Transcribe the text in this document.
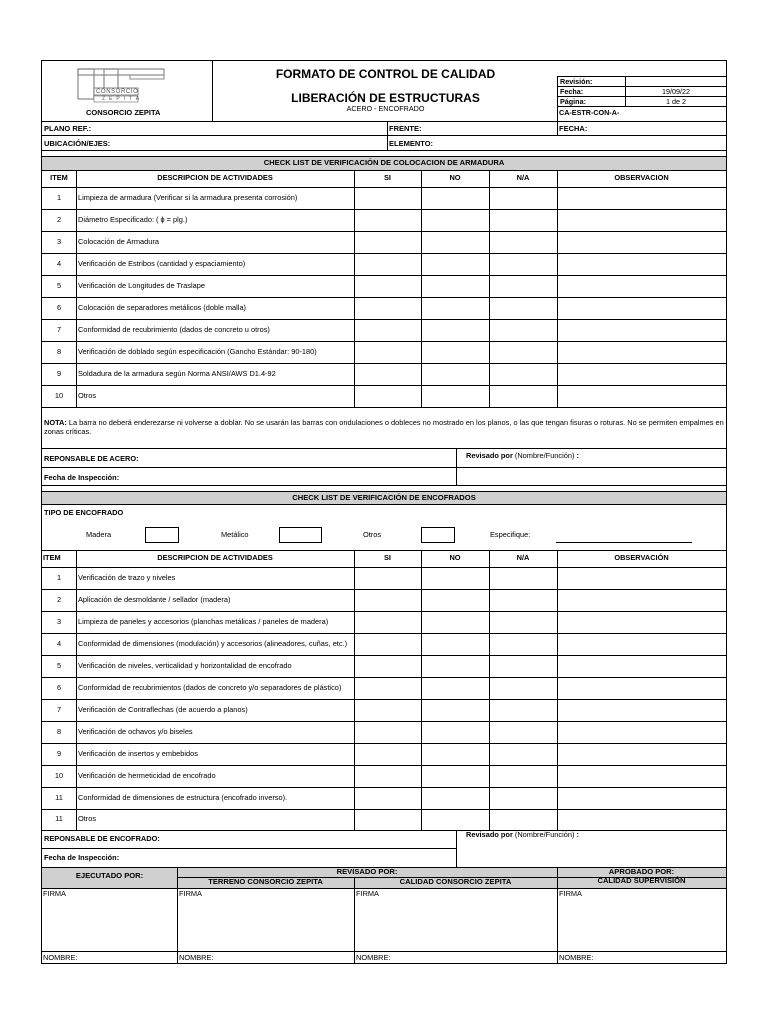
CONSORCIO
ZEPITA
CONSORCIO ZEPITA
FORMATO DE CONTROL DE CALIDAD
LIBERACIÓN DE ESTRUCTURAS
ACERO - ENCOFRADO
Revisión:
Fecha:	19/09/22
Página:	1 de 2
CA-ESTR-CON-A-
PLANO REF.:	FRENTE:	FECHA:
UBICACIÓN/EJES:	ELEMENTO:
CHECK LIST DE VERIFICACIÓN DE COLOCACION DE ARMADURA
ITEM	DESCRIPCION DE ACTIVIDADES	SI	NO	N/A	OBSERVACION
1	Limpieza de armadura (Verificar si la armadura presenta corrosión)
2	Diámetro Especificado: ( ɸ = plg.)
3	Colocación de Armadura
4	Verificación de Estribos (cantidad y espaciamiento)
5	Verificación de Longitudes de Traslape
6	Colocación de separadores metálicos (doble malla)
7	Conformidad de recubrimiento (dados de concreto u otros)
8	Verificación de doblado según especificación (Gancho Estándar: 90-180)
9	Soldadura de la armadura según Norma ANSI/AWS D1.4-92
10	Otros
NOTA: La barra no deberá enderezarse ni volverse a doblar. No se usarán las barras con ondulaciones o dobleces no mostrado en los planos, o las que tengan fisuras o roturas. No se permiten empalmes en zonas críticas.
REPONSABLE DE ACERO:	Revisado por (Nombre/Función) :
Fecha de Inspección:
CHECK LIST DE VERIFICACIÓN DE ENCOFRADOS
TIPO DE ENCOFRADO
Madera	Metálico	Otros	Especifique:
ITEM	DESCRIPCION DE ACTIVIDADES	SI	NO	N/A	OBSERVACIÓN
1	Verificación de trazo y niveles
2	Aplicación de desmoldante / sellador (madera)
3	Limpieza de paneles y accesorios (planchas metálicas / paneles de madera)
4	Conformidad de dimensiones (modulación) y accesorios (alineadores, cuñas, etc.)
5	Verificación de niveles, verticalidad y horizontalidad de encofrado
6	Conformidad de recubrimientos (dados de concreto y/o separadores de plástico)
7	Verificación de Contraflechas (de acuerdo a planos)
8	Verificación de ochavos y/o biseles
9	Verificación de insertos y embebidos
10	Verificación de hermeticidad de encofrado
11	Conformidad de dimensiones de estructura (encofrado inverso).
11	Otros
REPONSABLE DE ENCOFRADO:	Revisado por (Nombre/Función) :
Fecha de Inspección:
EJECUTADO POR:	REVISADO POR:
TERRENO CONSORCIO ZEPITA	CALIDAD CONSORCIO ZEPITA
APROBADO POR:
CALIDAD SUPERVISIÓN
FIRMA	FIRMA	FIRMA	FIRMA
NOMBRE:	NOMBRE:	NOMBRE:	NOMBRE:
